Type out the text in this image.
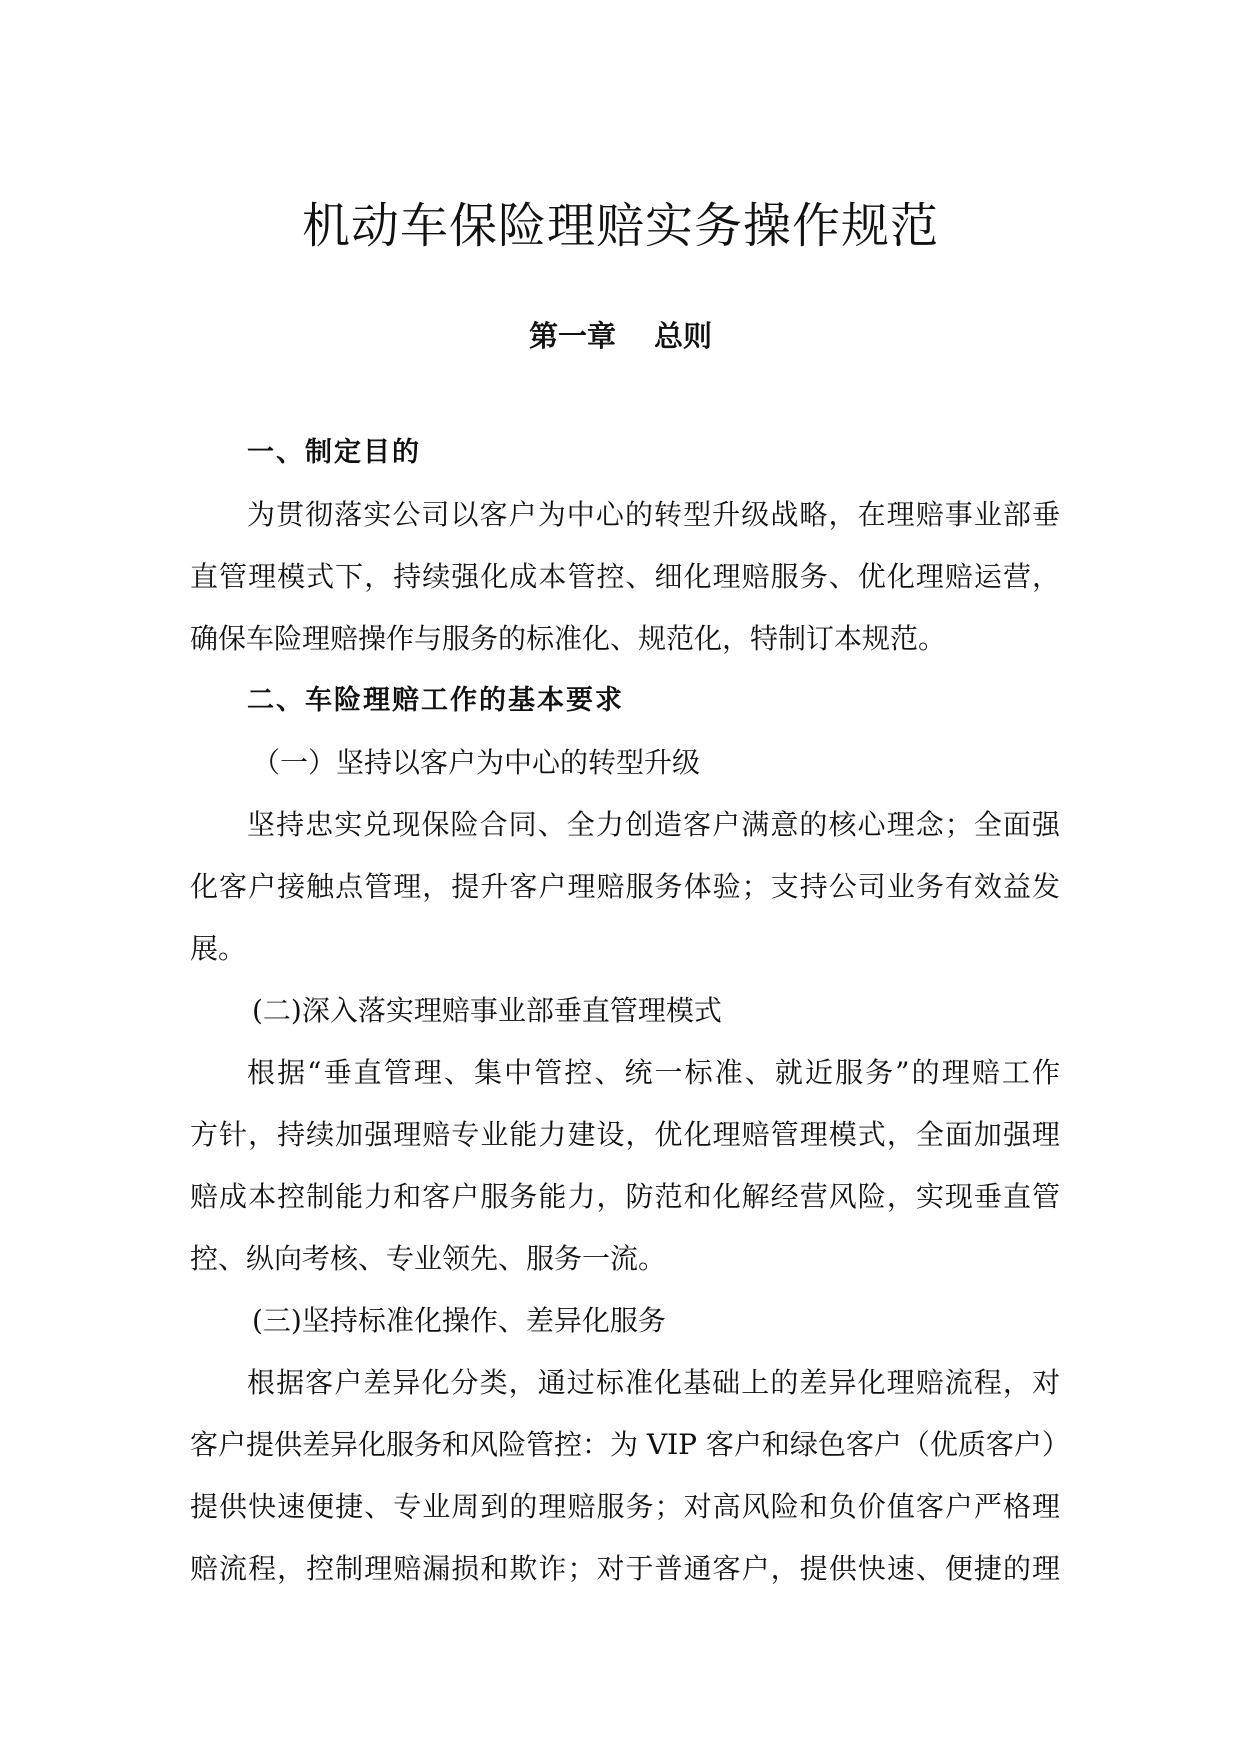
机动车保险理赔实务操作规范
第一章 总则
一、制定目的
为贯彻落实公司以客户为中心的转型升级战略，在理赔事业部垂
直管理模式下，持续强化成本管控、细化理赔服务、优化理赔运营，
确保车险理赔操作与服务的标准化、规范化，特制订本规范。
二、车险理赔工作的基本要求
（一）坚持以客户为中心的转型升级
坚持忠实兑现保险合同、全力创造客户满意的核心理念；全面强
化客户接触点管理，提升客户理赔服务体验；支持公司业务有效益发
展。
(二)深入落实理赔事业部垂直管理模式
根据“垂直管理、集中管控、统一标准、就近服务”的理赔工作
方针，持续加强理赔专业能力建设，优化理赔管理模式，全面加强理
赔成本控制能力和客户服务能力，防范和化解经营风险，实现垂直管
控、纵向考核、专业领先、服务一流。
(三)坚持标准化操作、差异化服务
根据客户差异化分类，通过标准化基础上的差异化理赔流程，对
客户提供差异化服务和风险管控：为 VIP 客户和绿色客户（优质客户）
提供快速便捷、专业周到的理赔服务；对高风险和负价值客户严格理
赔流程，控制理赔漏损和欺诈；对于普通客户，提供快速、便捷的理
